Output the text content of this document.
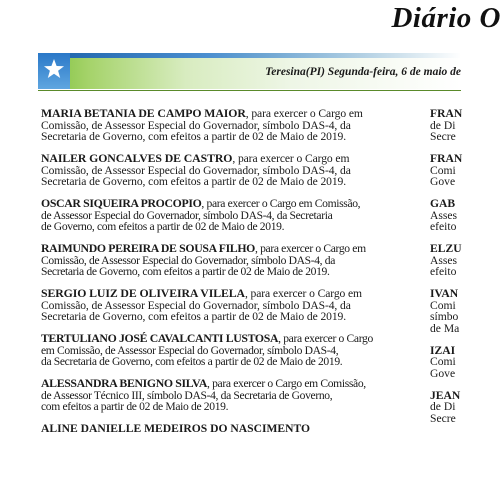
Diário O
Teresina(PI) Segunda-feira, 6 de maio de
MARIA BETANIA DE CAMPO MAIOR, para exercer o Cargo em
Comissão, de Assessor Especial do Governador, símbolo DAS-4, da
Secretaria de Governo, com efeitos a partir de 02 de Maio de 2019.
NAILER GONCALVES DE CASTRO, para exercer o Cargo em
Comissão, de Assessor Especial do Governador, símbolo DAS-4, da
Secretaria de Governo, com efeitos a partir de 02 de Maio de 2019.
OSCAR SIQUEIRA PROCOPIO, para exercer o Cargo em Comissão,
de Assessor Especial do Governador, símbolo DAS-4, da Secretaria
de Governo, com efeitos a partir de 02 de Maio de 2019.
RAIMUNDO PEREIRA DE SOUSA FILHO, para exercer o Cargo em
Comissão, de Assessor Especial do Governador, símbolo DAS-4, da
Secretaria de Governo, com efeitos a partir de 02 de Maio de 2019.
SERGIO LUIZ DE OLIVEIRA VILELA, para exercer o Cargo em
Comissão, de Assessor Especial do Governador, símbolo DAS-4, da
Secretaria de Governo, com efeitos a partir de 02 de Maio de 2019.
TERTULIANO JOSÉ CAVALCANTI LUSTOSA, para exercer o Cargo
em Comissão, de Assessor Especial do Governador, símbolo DAS-4,
da Secretaria de Governo, com efeitos a partir de 02 de Maio de 2019.
ALESSANDRA BENIGNO SILVA, para exercer o Cargo em Comissão,
de Assessor Técnico III, símbolo DAS-4, da Secretaria de Governo,
com efeitos a partir de 02 de Maio de 2019.
ALINE DANIELLE MEDEIROS DO NASCIMENTO
FRAN
de Di
Secre
FRAN
Comi
Gove
GAB
Asses
efeito
ELZU
Asses
efeito
IVAN
Comi
símbo
de Ma
IZAI
Comi
Gove
JEAN
de Di
Secre
